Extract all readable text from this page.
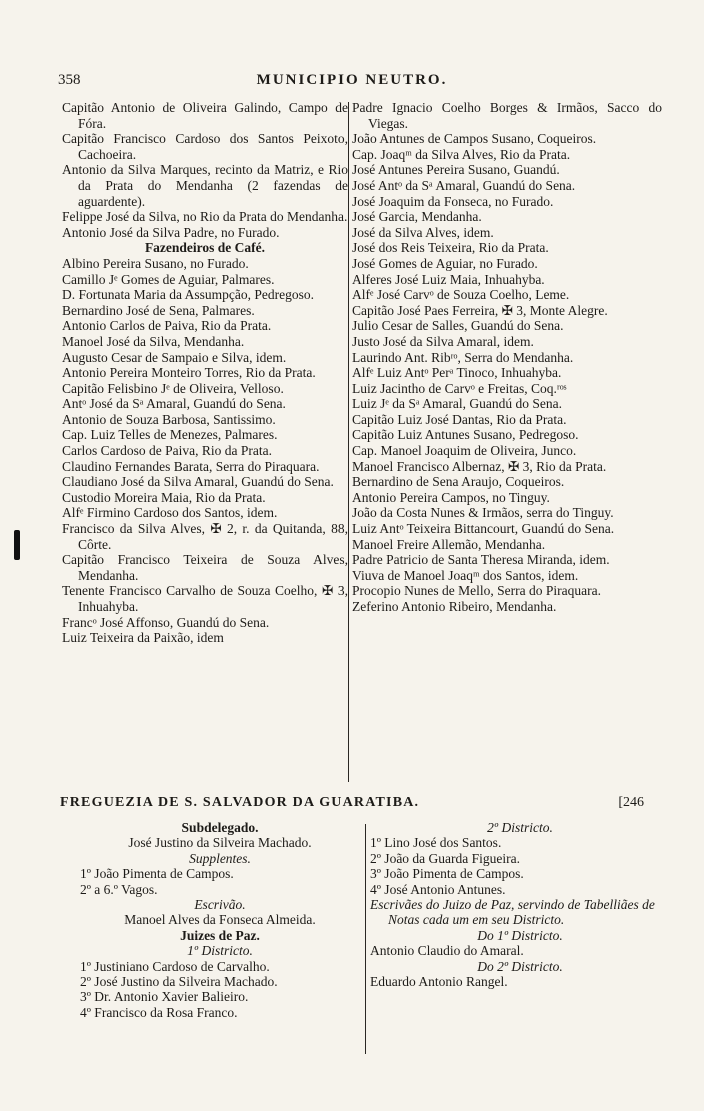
358	MUNICIPIO NEUTRO.
Capitão Antonio de Oliveira Galindo, Campo de Fóra.
Capitão Francisco Cardoso dos Santos Peixoto, Cachoeira.
Antonio da Silva Marques, recinto da Matriz, e Rio da Prata do Mendanha (2 fazendas de aguardente).
Felippe José da Silva, no Rio da Prata do Mendanha.
Antonio José da Silva Padre, no Furado.
Fazendeiros de Café.
Albino Pereira Susano, no Furado.
Camillo Jᵉ Gomes de Aguiar, Palmares.
D. Fortunata Maria da Assumpção, Pedregoso.
Bernardino José de Sena, Palmares.
Antonio Carlos de Paiva, Rio da Prata.
Manoel José da Silva, Mendanha.
Augusto Cesar de Sampaio e Silva, idem.
Antonio Pereira Monteiro Torres, Rio da Prata.
Capitão Felisbino Jᵉ de Oliveira, Velloso.
Antᵒ José da Sᵃ Amaral, Guandú do Sena.
Antonio de Souza Barbosa, Santissimo.
Cap. Luiz Telles de Menezes, Palmares.
Carlos Cardoso de Paiva, Rio da Prata.
Claudino Fernandes Barata, Serra do Piraquara.
Claudiano José da Silva Amaral, Guandú do Sena.
Custodio Moreira Maia, Rio da Prata.
Alfᵉ Firmino Cardoso dos Santos, idem.
Francisco da Silva Alves, ✠ 2, r. da Quitanda, 88, Côrte.
Capitão Francisco Teixeira de Souza Alves, Mendanha.
Tenente Francisco Carvalho de Souza Coelho, ✠ 3, Inhuahyba.
Francᵒ José Affonso, Guandú do Sena.
Luiz Teixeira da Paixão, idem
Padre Ignacio Coelho Borges & Irmãos, Sacco do Viegas.
João Antunes de Campos Susano, Coqueiros.
Cap. Joaqᵐ da Silva Alves, Rio da Prata.
José Antunes Pereira Susano, Guandú.
José Antᵒ da Sᵃ Amaral, Guandú do Sena.
José Joaquim da Fonseca, no Furado.
José Garcia, Mendanha.
José da Silva Alves, idem.
José dos Reis Teixeira, Rio da Prata.
José Gomes de Aguiar, no Furado.
Alferes José Luiz Maia, Inhuahyba.
Alfᵉ José Carvᵒ de Souza Coelho, Leme.
Capitão José Paes Ferreira, ✠ 3, Monte Alegre.
Julio Cesar de Salles, Guandú do Sena.
Justo José da Silva Amaral, idem.
Laurindo Ant. Ribʳᵒ, Serra do Mendanha.
Alfᵉ Luiz Antᵒ Perᵃ Tinoco, Inhuahyba.
Luiz Jacintho de Carvᵒ e Freitas, Coq.ʳᵒˢ
Luiz Jᵉ da Sᵃ Amaral, Guandú do Sena.
Capitão Luiz José Dantas, Rio da Prata.
Capitão Luiz Antunes Susano, Pedregoso.
Cap. Manoel Joaquim de Oliveira, Junco.
Manoel Francisco Albernaz, ✠ 3, Rio da Prata.
Bernardino de Sena Araujo, Coqueiros.
Antonio Pereira Campos, no Tinguy.
João da Costa Nunes & Irmãos, serra do Tinguy.
Luiz Antᵒ Teixeira Bittancourt, Guandú do Sena.
Manoel Freire Allemão, Mendanha.
Padre Patricio de Santa Theresa Miranda, idem.
Viuva de Manoel Joaqᵐ dos Santos, idem.
Procopio Nunes de Mello, Serra do Piraquara.
Zeferino Antonio Ribeiro, Mendanha.
FREGUEZIA DE S. SALVADOR DA GUARATIBA.	[246
Subdelegado.
José Justino da Silveira Machado.
Supplentes.
1º João Pimenta de Campos.
2º a 6.º Vagos.
Escrivão.
Manoel Alves da Fonseca Almeida.
Juizes de Paz.
1º Districto.
1º Justiniano Cardoso de Carvalho.
2º José Justino da Silveira Machado.
3º Dr. Antonio Xavier Balieiro.
4º Francisco da Rosa Franco.
2º Districto.
1º Lino José dos Santos.
2º João da Guarda Figueira.
3º João Pimenta de Campos.
4º José Antonio Antunes.
Escrivães do Juizo de Paz, servindo de Tabelliães de Notas cada um em seu Districto.
Do 1º Districto.
Antonio Claudio do Amaral.
Do 2º Districto.
Eduardo Antonio Rangel.
